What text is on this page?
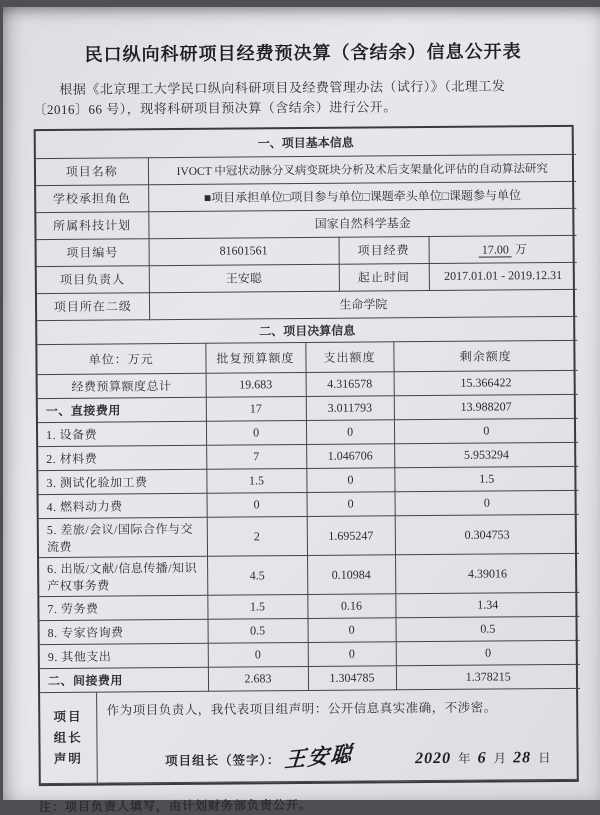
民口纵向科研项目经费预决算（含结余）信息公开表
根据《北京理工大学民口纵向科研项目及经费管理办法（试行）》（北理工发
〔2016〕66 号），现将科研项目预决算（含结余）进行公开。
一、项目基本信息			
项目名称	IVOCT 中冠状动脉分叉病变斑块分析及术后支架量化评估的自动算法研究		
学校承担角色	■项目承担单位□项目参与单位□课题牵头单位□课题参与单位		
所属科技计划	国家自然科学基金		
项目编号	81601561	项目经费	17.00 万
项目负责人	王安聪	起止时间	2017.01.01 - 2019.12.31
项目所在二级	生命学院		
二、项目决算信息			
单位：万元	批复预算额度	支出额度	剩余额度
经费预算额度总计	19.683	4.316578	15.366422
一、直接费用	17	3.011793	13.988207
1. 设备费	0	0	0
2. 材料费	7	1.046706	5.953294
3. 测试化验加工费	1.5	0	1.5
4. 燃料动力费	0	0	0
5. 差旅/会议/国际合作与交流费	2	1.695247	0.304753
6. 出版/文献/信息传播/知识产权事务费	4.5	0.10984	4.39016
7. 劳务费	1.5	0.16	1.34
8. 专家咨询费	0.5	0	0.5
9. 其他支出	0	0	0
二、间接费用	2.683	1.304785	1.378215
项目
组长
声明

作为项目负责人，我代表项目组声明：公开信息真实准确，不涉密。
项目组长（签字）： 王安聪	2020 年 6 月 28 日
注：项目负责人填写，由计划财务部负责公开。
